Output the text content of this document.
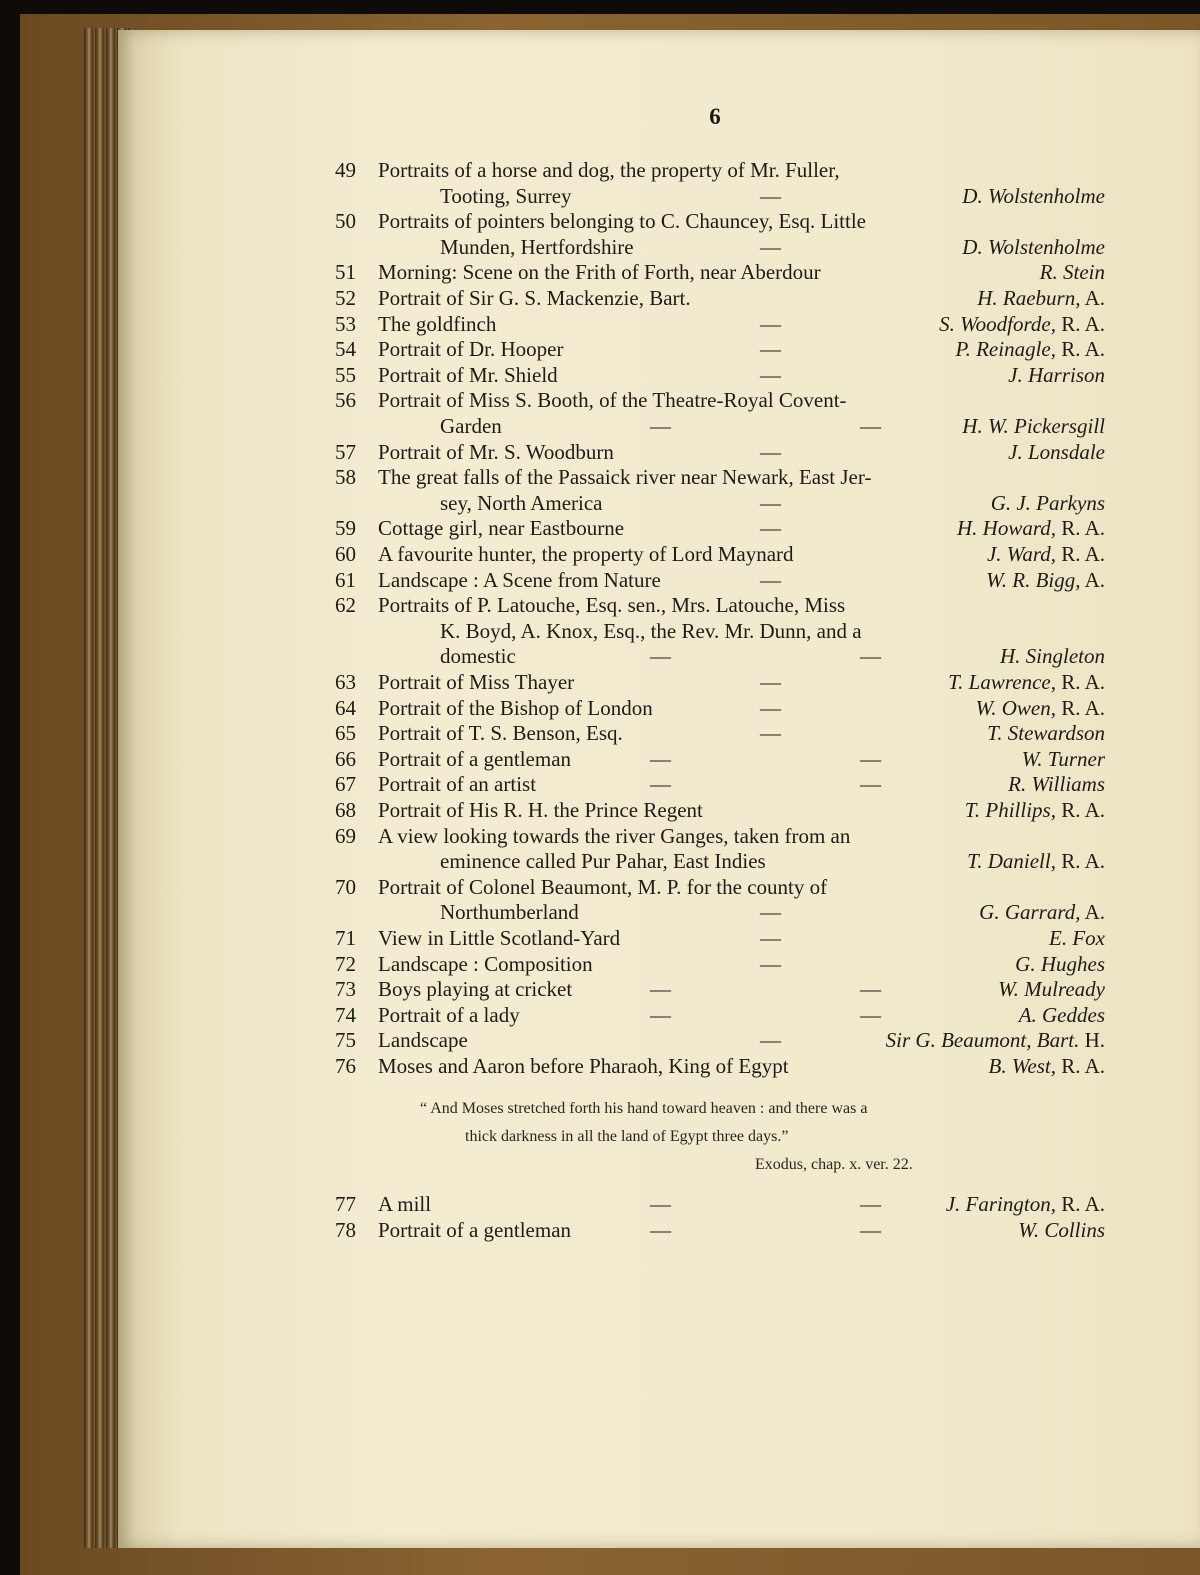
6
49	Portraits of a horse and dog, the property of Mr. Fuller,
Tooting, Surrey	—	D. Wolstenholme
50	Portraits of pointers belonging to C. Chauncey, Esq. Little
Munden, Hertfordshire	—	D. Wolstenholme
51	Morning: Scene on the Frith of Forth, near Aberdour	R. Stein
52	Portrait of Sir G. S. Mackenzie, Bart.	H. Raeburn, A.
53	The goldfinch	—	S. Woodforde, R. A.
54	Portrait of Dr. Hooper	—	P. Reinagle, R. A.
55	Portrait of Mr. Shield	—	J. Harrison
56	Portrait of Miss S. Booth, of the Theatre-Royal Covent-
Garden	—	—	H. W. Pickersgill
57	Portrait of Mr. S. Woodburn	—	J. Lonsdale
58	The great falls of the Passaick river near Newark, East Jer-
sey, North America	—	G. J. Parkyns
59	Cottage girl, near Eastbourne	—	H. Howard, R. A.
60	A favourite hunter, the property of Lord Maynard	J. Ward, R. A.
61	Landscape : A Scene from Nature	—	W. R. Bigg, A.
62	Portraits of P. Latouche, Esq. sen., Mrs. Latouche, Miss
K. Boyd, A. Knox, Esq., the Rev. Mr. Dunn, and a
domestic	—	—	H. Singleton
63	Portrait of Miss Thayer	—	T. Lawrence, R. A.
64	Portrait of the Bishop of London	—	W. Owen, R. A.
65	Portrait of T. S. Benson, Esq.	—	T. Stewardson
66	Portrait of a gentleman	—	—	W. Turner
67	Portrait of an artist	—	—	R. Williams
68	Portrait of His R. H. the Prince Regent	T. Phillips, R. A.
69	A view looking towards the river Ganges, taken from an
eminence called Pur Pahar, East Indies	T. Daniell, R. A.
70	Portrait of Colonel Beaumont, M. P. for the county of
Northumberland	—	G. Garrard, A.
71	View in Little Scotland-Yard	—	E. Fox
72	Landscape : Composition	—	G. Hughes
73	Boys playing at cricket	—	—	W. Mulready
74	Portrait of a lady	—	—	A. Geddes
75	Landscape	—	Sir G. Beaumont, Bart. H.
76	Moses and Aaron before Pharaoh, King of Egypt	B. West, R. A.
77	A mill	—	—	J. Farington, R. A.
78	Portrait of a gentleman	—	—	W. Collins
“ And Moses stretched forth his hand toward heaven : and there was a
thick darkness in all the land of Egypt three days.”
Exodus, chap. x. ver. 22.
